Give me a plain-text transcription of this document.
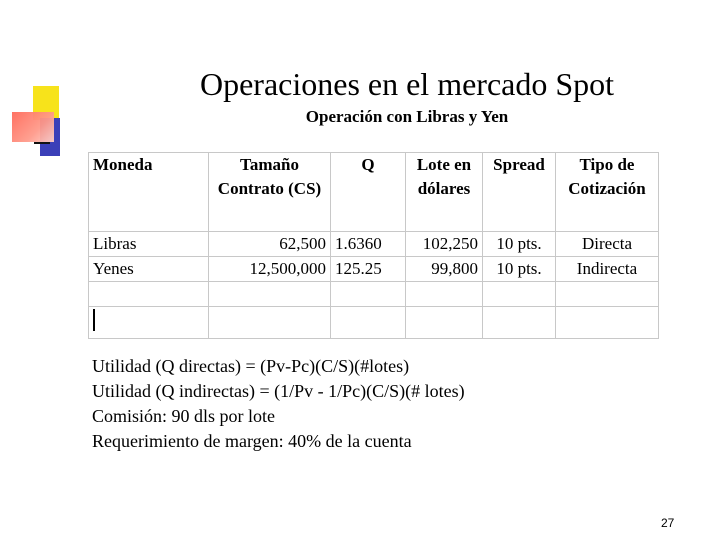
Operaciones en el mercado Spot
Operación con Libras y Yen
Moneda	Tamaño Contrato (CS)	Q	Lote en dólares	Spread	Tipo de Cotización
Libras	62,500	1.6360	102,250	10 pts.	Directa
Yenes	12,500,000	125.25	99,800	10 pts.	Indirecta

Utilidad (Q directas) = (Pv-Pc)(C/S)(#lotes)
Utilidad (Q indirectas) = (1/Pv - 1/Pc)(C/S)(# lotes)
Comisión: 90 dls por lote
Requerimiento de margen: 40% de la cuenta
27
